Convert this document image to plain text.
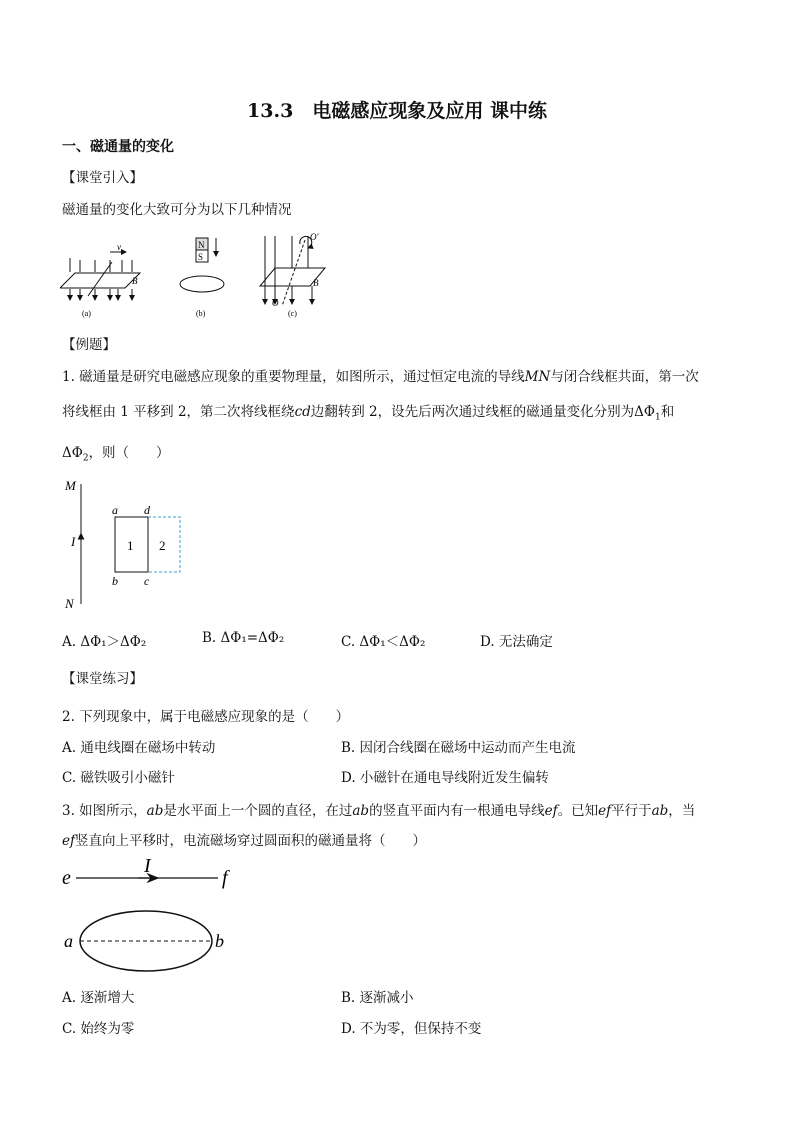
13.3　电磁感应现象及应用 课中练
一、磁通量的变化
【课堂引入】
磁通量的变化大致可分为以下几种情况
v
B
(a)
N
S
(b)
O'
O
B
(c)
【例题】
1. 磁通量是研究电磁感应现象的重要物理量，如图所示，通过恒定电流的导线MN与闭合线框共面，第一次
将线框由 1 平移到 2，第二次将线框绕cd边翻转到 2，设先后两次通过线框的磁通量变化分别为$\Delta\Phi_1$和
$\Delta\Phi_2$，则（　　）
M
N
I
a d
b c
1 2
A. ΔΦ₁＞ΔΦ₂	B. ΔΦ₁=ΔΦ₂	C. ΔΦ₁＜ΔΦ₂	D. 无法确定
【课堂练习】
2. 下列现象中，属于电磁感应现象的是（　　）
A. 通电线圈在磁场中转动	B. 因闭合线圈在磁场中运动而产生电流
C. 磁铁吸引小磁针	D. 小磁针在通电导线附近发生偏转
3. 如图所示，ab是水平面上一个圆的直径，在过ab的竖直平面内有一根通电导线ef。已知ef平行于ab，当
ef竖直向上平移时，电流磁场穿过圆面积的磁通量将（　　）
e	f
I
a	b
A. 逐渐增大	B. 逐渐减小
C. 始终为零	D. 不为零，但保持不变
